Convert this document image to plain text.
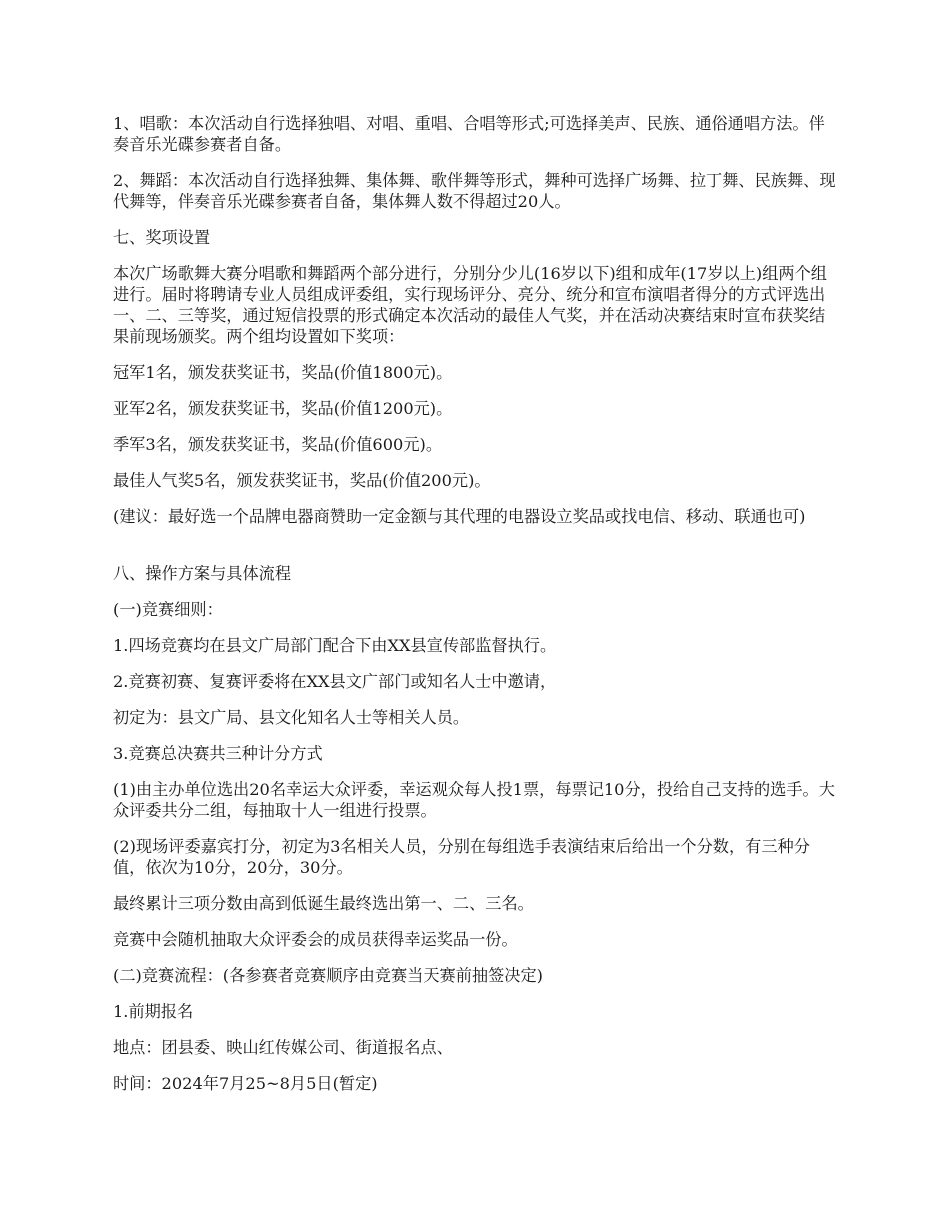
1、唱歌：本次活动自行选择独唱、对唱、重唱、合唱等形式;可选择美声、民族、通俗通唱方法。伴奏音乐光碟参赛者自备。

2、舞蹈：本次活动自行选择独舞、集体舞、歌伴舞等形式，舞种可选择广场舞、拉丁舞、民族舞、现代舞等，伴奏音乐光碟参赛者自备，集体舞人数不得超过20人。

七、奖项设置

本次广场歌舞大赛分唱歌和舞蹈两个部分进行，分别分少儿(16岁以下)组和成年(17岁以上)组两个组进行。届时将聘请专业人员组成评委组，实行现场评分、亮分、统分和宣布演唱者得分的方式评选出一、二、三等奖，通过短信投票的形式确定本次活动的最佳人气奖，并在活动决赛结束时宣布获奖结果前现场颁奖。两个组均设置如下奖项：

冠军1名，颁发获奖证书，奖品(价值1800元)。

亚军2名，颁发获奖证书，奖品(价值1200元)。

季军3名，颁发获奖证书，奖品(价值600元)。

最佳人气奖5名，颁发获奖证书，奖品(价值200元)。

(建议：最好选一个品牌电器商赞助一定金额与其代理的电器设立奖品或找电信、移动、联通也可)

八、操作方案与具体流程

(一)竞赛细则：

1.四场竞赛均在县文广局部门配合下由XX县宣传部监督执行。

2.竞赛初赛、复赛评委将在XX县文广部门或知名人士中邀请，

初定为：县文广局、县文化知名人士等相关人员。

3.竞赛总决赛共三种计分方式

(1)由主办单位选出20名幸运大众评委，幸运观众每人投1票，每票记10分，投给自己支持的选手。大众评委共分二组，每抽取十人一组进行投票。

(2)现场评委嘉宾打分，初定为3名相关人员，分别在每组选手表演结束后给出一个分数，有三种分值，依次为10分，20分，30分。

最终累计三项分数由高到低诞生最终选出第一、二、三名。

竞赛中会随机抽取大众评委会的成员获得幸运奖品一份。

(二)竞赛流程：(各参赛者竞赛顺序由竞赛当天赛前抽签决定)

1.前期报名

地点：团县委、映山红传媒公司、街道报名点、

时间：2024年7月25~8月5日(暂定)
